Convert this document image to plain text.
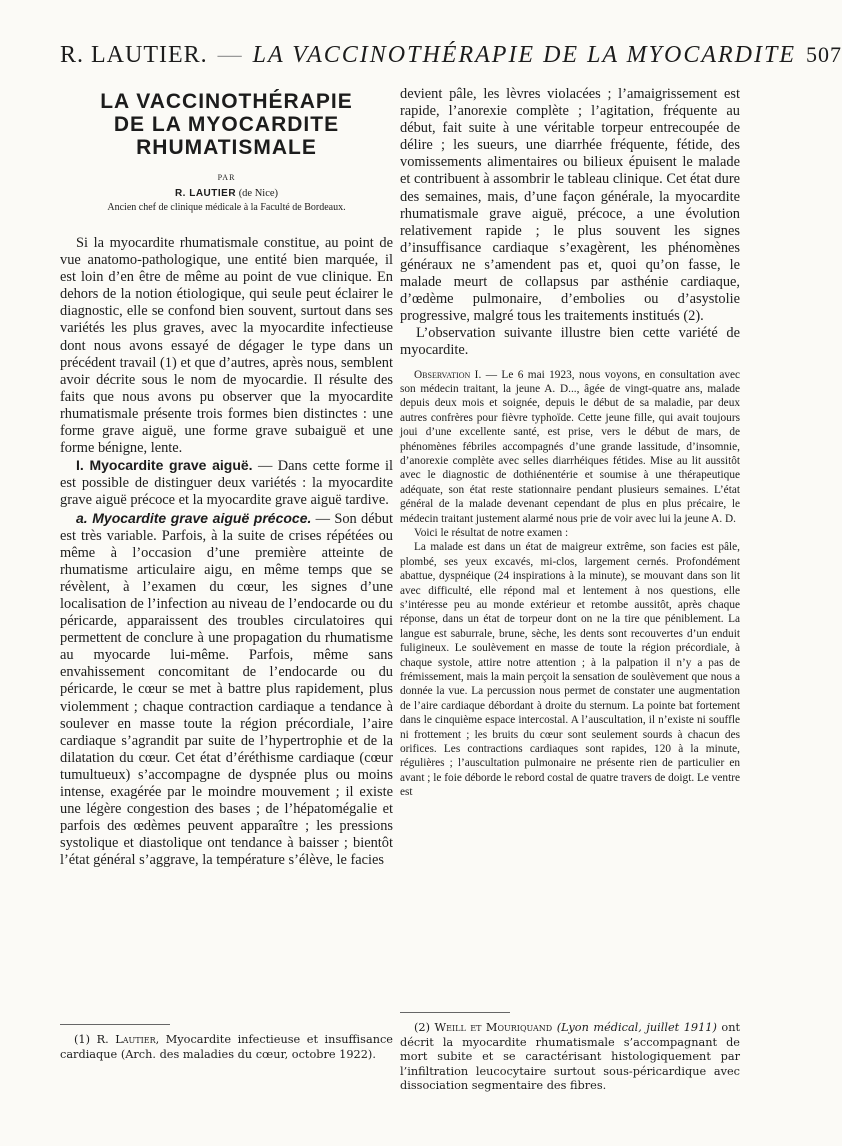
R. LAUTIER. — LA VACCINOTHÉRAPIE DE LA MYOCARDITE 507
LA VACCINOTHÉRAPIE
DE LA MYOCARDITE
RHUMATISMALE
PAR
R. LAUTIER (de Nice)
Ancien chef de clinique médicale à la Faculté de Bordeaux.

Si la myocardite rhumatismale constitue, au point de vue anatomo-pathologique, une entité bien marquée, il est loin d’en être de même au point de vue clinique. En dehors de la notion étiologique, qui seule peut éclairer le diagnostic, elle se confond bien souvent, surtout dans ses variétés les plus graves, avec la myocardite infectieuse dont nous avons essayé de dégager le type dans un précédent travail (1) et que d’autres, après nous, semblent avoir décrite sous le nom de myocardie. Il résulte des faits que nous avons pu observer que la myocardite rhumatismale présente trois formes bien distinctes : une forme grave aiguë, une forme grave subaiguë et une forme bénigne, lente.

I. Myocardite grave aiguë. — Dans cette forme il est possible de distinguer deux variétés : la myocardite grave aiguë précoce et la myocardite grave aiguë tardive.
a. Myocardite grave aiguë précoce. — Son début est très variable. Parfois, à la suite de crises répétées ou même à l’occasion d’une première atteinte de rhumatisme articulaire aigu, en même temps que se révèlent, à l’examen du cœur, les signes d’une localisation de l’infection au niveau de l’endocarde ou du péricarde, apparaissent des troubles circulatoires qui permettent de conclure à une propagation du rhumatisme au myocarde lui-même. Parfois, même sans envahissement concomitant de l’endocarde ou du péricarde, le cœur se met à battre plus rapidement, plus violemment ; chaque contraction cardiaque a tendance à soulever en masse toute la région précordiale, l’aire cardiaque s’agrandit par suite de l’hypertrophie et de la dilatation du cœur. Cet état d’éréthisme cardiaque (cœur tumultueux) s’accompagne de dyspnée plus ou moins intense, exagérée par le moindre mouvement ; il existe une légère congestion des bases ; de l’hépatomégalie et parfois des œdèmes peuvent apparaître ; les pressions systolique et diastolique ont tendance à baisser ; bientôt l’état général s’aggrave, la température s’élève, le facies

devient pâle, les lèvres violacées ; l’amaigrissement est rapide, l’anorexie complète ; l’agitation, fréquente au début, fait suite à une véritable torpeur entrecoupée de délire ; les sueurs, une diarrhée fréquente, fétide, des vomissements alimentaires ou bilieux épuisent le malade et contribuent à assombrir le tableau clinique. Cet état dure des semaines, mais, d’une façon générale, la myocardite rhumatismale grave aiguë, précoce, a une évolution relativement rapide ; le plus souvent les signes d’insuffisance cardiaque s’exagèrent, les phénomènes généraux ne s’amendent pas et, quoi qu’on fasse, le malade meurt de collapsus par asthénie cardiaque, d’œdème pulmonaire, d’embolies ou d’asystolie progressive, malgré tous les traitements institués (2).

L’observation suivante illustre bien cette variété de myocardite.

Observation I. — Le 6 mai 1923, nous voyons, en consultation avec son médecin traitant, la jeune A. D..., âgée de vingt-quatre ans, malade depuis deux mois et soignée, depuis le début de sa maladie, par deux autres confrères pour fièvre typhoïde. Cette jeune fille, qui avait toujours joui d’une excellente santé, est prise, vers le début de mars, de phénomènes fébriles accompagnés d’une grande lassitude, d’insomnie, d’anorexie complète avec selles diarrhéiques fétides. Mise au lit aussitôt avec le diagnostic de dothiénentérie et soumise à une thérapeutique adéquate, son état reste stationnaire pendant plusieurs semaines. L’état général de la malade devenant cependant de plus en plus précaire, le médecin traitant justement alarmé nous prie de voir avec lui la jeune A. D.

Voici le résultat de notre examen :

La malade est dans un état de maigreur extrême, son facies est pâle, plombé, ses yeux excavés, mi-clos, largement cernés. Profondément abattue, dyspnéique (24 inspirations à la minute), se mouvant dans son lit avec difficulté, elle répond mal et lentement à nos questions, elle s’intéresse peu au monde extérieur et retombe aussitôt, après chaque réponse, dans un état de torpeur dont on ne la tire que péniblement. La langue est saburrale, brune, sèche, les dents sont recouvertes d’un enduit fuligineux. Le soulèvement en masse de toute la région précordiale, à chaque systole, attire notre attention ; à la palpation il n’y a pas de frémissement, mais la main perçoit la sensation de soulèvement que nous a donnée la vue. La percussion nous permet de constater une augmentation de l’aire cardiaque débordant à droite du sternum. La pointe bat fortement dans le cinquième espace intercostal. A l’auscultation, il n’existe ni souffle ni frottement ; les bruits du cœur sont seulement sourds à chacun des orifices. Les contractions cardiaques sont rapides, 120 à la minute, régulières ; l’auscultation pulmonaire ne présente rien de particulier en avant ; le foie déborde le rebord costal de quatre travers de doigt. Le ventre est

(1) R. Lautier, Myocardite infectieuse et insuffisance cardiaque (Arch. des maladies du cœur, octobre 1922).

(2) Weill et Mouriquand (Lyon médical, juillet 1911) ont décrit la myocardite rhumatismale s’accompagnant de mort subite et se caractérisant histologiquement par l’infiltration leucocytaire surtout sous-péricardique avec dissociation segmentaire des fibres.
